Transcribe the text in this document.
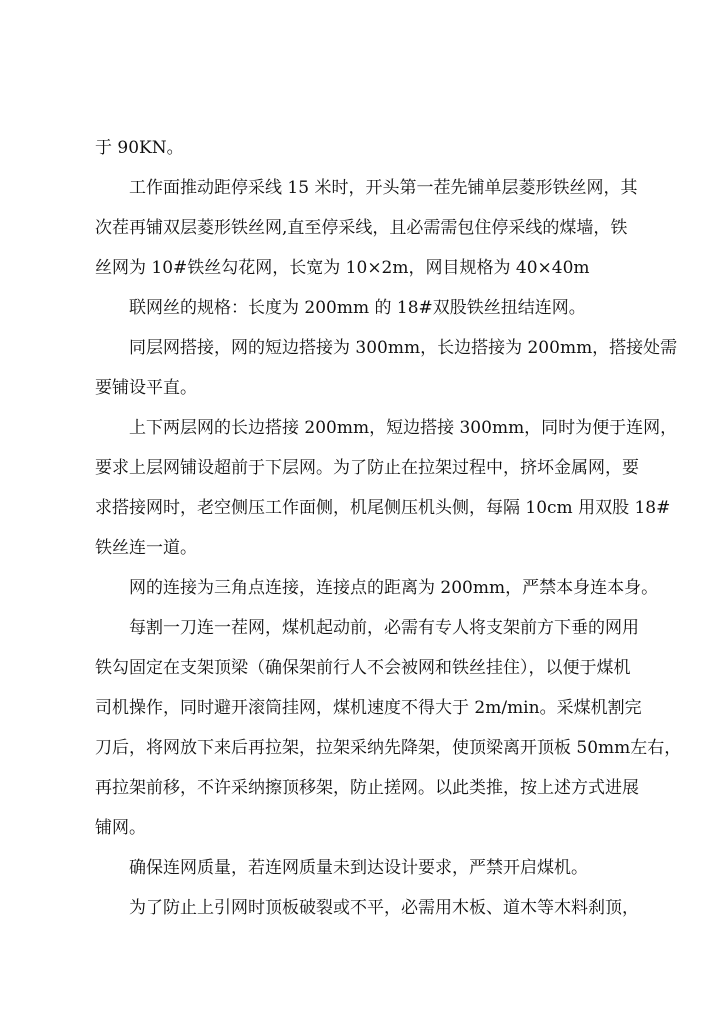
于 90KN。

工作面推动距停采线 15 米时，开头第一茬先铺单层菱形铁丝网，其
次茬再铺双层菱形铁丝网,直至停采线，且必需需包住停采线的煤墙，铁
丝网为 10#铁丝勾花网，长宽为 10×2m，网目规格为 40×40m

联网丝的规格：长度为 200mm 的 18#双股铁丝扭结连网。

同层网搭接，网的短边搭接为 300mm，长边搭接为 200mm，搭接处需
要铺设平直。

上下两层网的长边搭接 200mm，短边搭接 300mm，同时为便于连网，
要求上层网铺设超前于下层网。为了防止在拉架过程中，挤坏金属网，要
求搭接网时，老空侧压工作面侧，机尾侧压机头侧，每隔 10cm 用双股 18#
铁丝连一道。

网的连接为三角点连接，连接点的距离为 200mm，严禁本身连本身。

每割一刀连一茬网，煤机起动前，必需有专人将支架前方下垂的网用
铁勾固定在支架顶梁（确保架前行人不会被网和铁丝挂住），以便于煤机
司机操作，同时避开滚筒挂网，煤机速度不得大于 2m/min。采煤机割完
刀后，将网放下来后再拉架，拉架采纳先降架，使顶梁离开顶板 50mm左右，
再拉架前移，不许采纳擦顶移架，防止搓网。以此类推，按上述方式进展
铺网。

确保连网质量，若连网质量未到达设计要求，严禁开启煤机。

为了防止上引网时顶板破裂或不平，必需用木板、道木等木料刹顶，
